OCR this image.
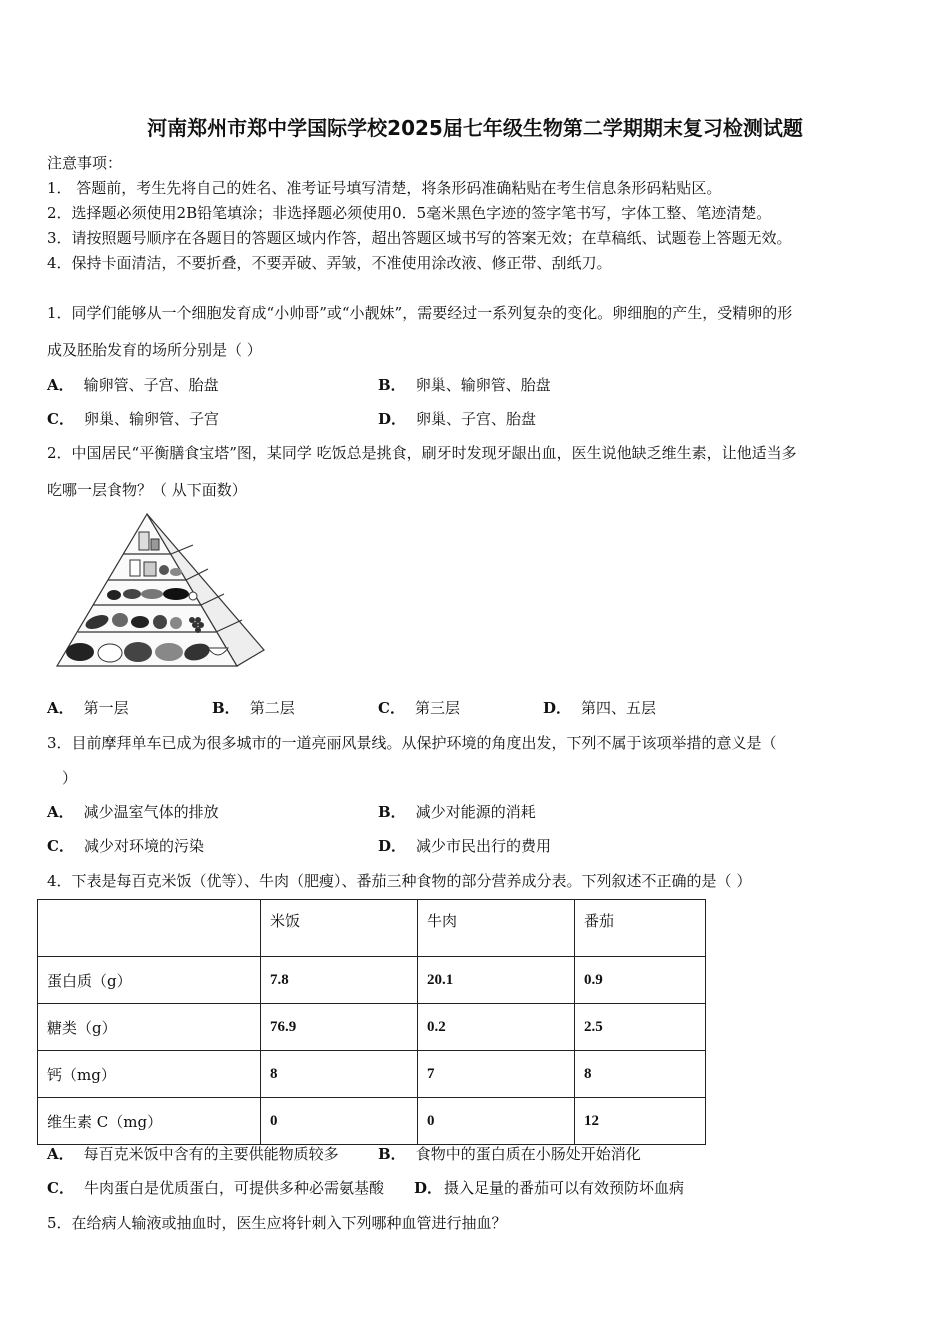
河南郑州市郑中学国际学校2025届七年级生物第二学期期末复习检测试题
注意事项：
1． 答题前，考生先将自己的姓名、准考证号填写清楚，将条形码准确粘贴在考生信息条形码粘贴区。
2．选择题必须使用2B铅笔填涂；非选择题必须使用0．5毫米黑色字迹的签字笔书写，字体工整、笔迹清楚。
3．请按照题号顺序在各题目的答题区域内作答，超出答题区域书写的答案无效；在草稿纸、试题卷上答题无效。
4．保持卡面清洁，不要折叠，不要弄破、弄皱，不准使用涂改液、修正带、刮纸刀。
1．同学们能够从一个细胞发育成“小帅哥”或“小靓妹”，需要经过一系列复杂的变化。卵细胞的产生，受精卵的形
成及胚胎发育的场所分别是（ ）
A． 输卵管、子宫、胎盘	B． 卵巢、输卵管、胎盘
C． 卵巢、输卵管、子宫	D． 卵巢、子宫、胎盘
2．中国居民“平衡膳食宝塔”图，某同学 吃饭总是挑食，刷牙时发现牙龈出血，医生说他缺乏维生素，让他适当多
吃哪一层食物？（ 从下面数）
A． 第一层	B． 第二层	C． 第三层	D． 第四、五层
3．目前摩拜单车已成为很多城市的一道亮丽风景线。从保护环境的角度出发，下列不属于该项举措的意义是（
）
A． 减少温室气体的排放	B． 减少对能源的消耗
C． 减少对环境的污染	D． 减少市民出行的费用
4．下表是每百克米饭（优等）、牛肉（肥瘦）、番茄三种食物的部分营养成分表。下列叙述不正确的是（ ）
	米饭	牛肉	番茄
蛋白质（g）	7.8	20.1	0.9
糖类（g）	76.9	0.2	2.5
钙（mg）	8	7	8
维生素 C（mg）	0	0	12
A． 每百克米饭中含有的主要供能物质较多	B． 食物中的蛋白质在小肠处开始消化
C． 牛肉蛋白是优质蛋白，可提供多种必需氨基酸 D． 摄入足量的番茄可以有效预防坏血病
5．在给病人输液或抽血时，医生应将针刺入下列哪种血管进行抽血？
